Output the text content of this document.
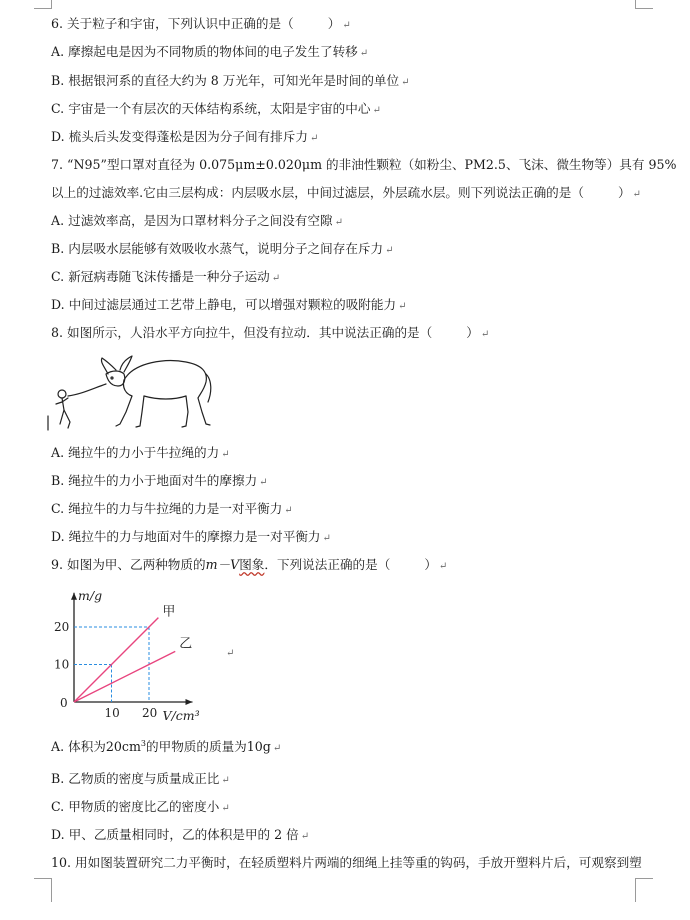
6. 关于粒子和宇宙，下列认识中正确的是（	） ↵
A. 摩擦起电是因为不同物质的物体间的电子发生了转移 ↵
B. 根据银河系的直径大约为 8 万光年，可知光年是时间的单位 ↵
C. 宇宙是一个有层次的天体结构系统，太阳是宇宙的中心 ↵
D. 梳头后头发变得蓬松是因为分子间有排斥力 ↵
7. “N95”型口罩对直径为 0.075μm±0.020μm 的非油性颗粒（如粉尘、PM2.5、飞沫、微生物等）具有 95%
以上的过滤效率.它由三层构成：内层吸水层，中间过滤层，外层疏水层。则下列说法正确的是（	） ↵
A. 过滤效率高，是因为口罩材料分子之间没有空隙 ↵
B. 内层吸水层能够有效吸收水蒸气，说明分子之间存在斥力 ↵
C. 新冠病毒随飞沫传播是一种分子运动 ↵
D. 中间过滤层通过工艺带上静电，可以增强对颗粒的吸附能力 ↵
8. 如图所示，人沿水平方向拉牛，但没有拉动．其中说法正确的是（	） ↵
A. 绳拉牛的力小于牛拉绳的力 ↵
B. 绳拉牛的力小于地面对牛的摩擦力 ↵
C. 绳拉牛的力与牛拉绳的力是一对平衡力 ↵
D. 绳拉牛的力与地面对牛的摩擦力是一对平衡力 ↵
9. 如图为甲、乙两种物质的m－V图象．下列说法正确的是（	） ↵
甲
乙
10 20
10
20
0
m/g
V/cm³
↵
A. 体积为$20cm^3$的甲物质的质量为10g ↵
B. 乙物质的密度与质量成正比 ↵
C. 甲物质的密度比乙的密度小 ↵
D. 甲、乙质量相同时，乙的体积是甲的 2 倍 ↵
10. 用如图装置研究二力平衡时，在轻质塑料片两端的细绳上挂等重的钩码，手放开塑料片后，可观察到塑
